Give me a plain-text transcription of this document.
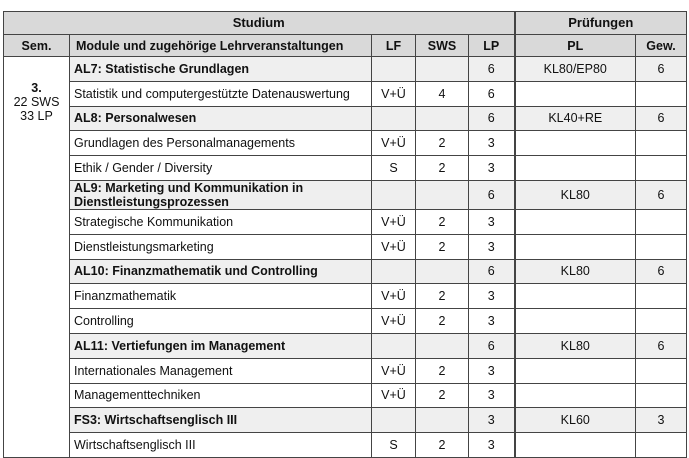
Studium					Prüfungen	
Sem.	Module und zugehörige Lehrveranstaltungen	LF	SWS	LP	PL	Gew.

3.
22 SWS
33 LP	AL7: Statistische Grundlagen			6	KL80/EP80	6
	Statistik und computergestützte Datenauswertung	V+Ü	4	6		
	AL8: Personalwesen			6	KL40+RE	6
	Grundlagen des Personalmanagements	V+Ü	2	3		
	Ethik / Gender / Diversity	S	2	3		
	AL9: Marketing und Kommunikation in Dienstleistungsprozessen			6	KL80	6
	Strategische Kommunikation	V+Ü	2	3		
	Dienstleistungsmarketing	V+Ü	2	3		
	AL10: Finanzmathematik und Controlling			6	KL80	6
	Finanzmathematik	V+Ü	2	3		
	Controlling	V+Ü	2	3		
	AL11: Vertiefungen im Management			6	KL80	6
	Internationales Management	V+Ü	2	3		
	Managementtechniken	V+Ü	2	3		
	FS3: Wirtschaftsenglisch III			3	KL60	3
	Wirtschaftsenglisch III	S	2	3		
